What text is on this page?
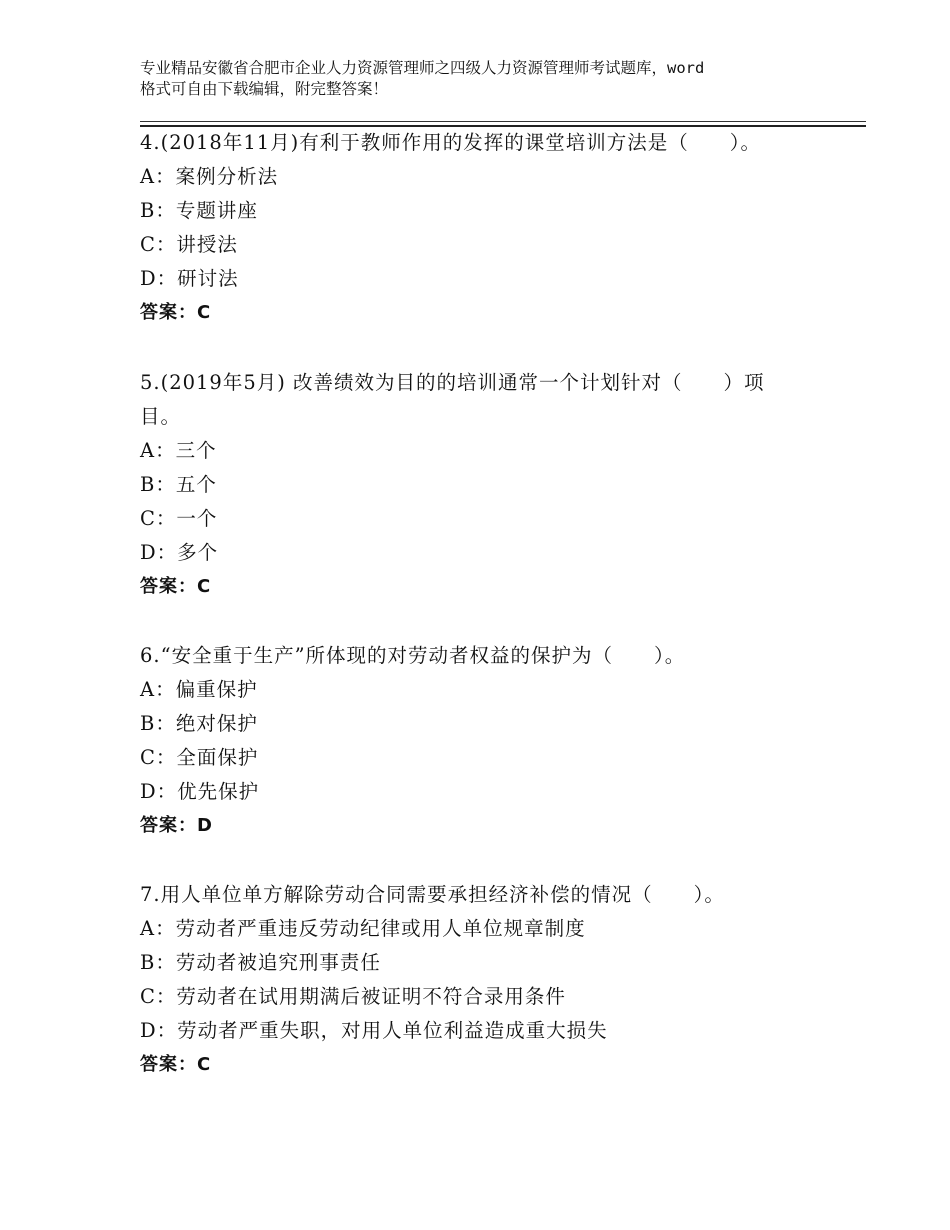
专业精品安徽省合肥市企业人力资源管理师之四级人力资源管理师考试题库，word
格式可自由下载编辑，附完整答案！
4.(2018年11月)有利于教师作用的发挥的课堂培训方法是（　　）。
A：案例分析法
B：专题讲座
C：讲授法
D：研讨法
答案：C
5.(2019年5月) 改善绩效为目的的培训通常一个计划针对（　　）项
目。
A：三个
B：五个
C：一个
D：多个
答案：C
6.“安全重于生产”所体现的对劳动者权益的保护为（　　）。
A：偏重保护
B：绝对保护
C：全面保护
D：优先保护
答案：D
7.用人单位单方解除劳动合同需要承担经济补偿的情况（　　）。
A：劳动者严重违反劳动纪律或用人单位规章制度
B：劳动者被追究刑事责任
C：劳动者在试用期满后被证明不符合录用条件
D：劳动者严重失职，对用人单位利益造成重大损失
答案：C
